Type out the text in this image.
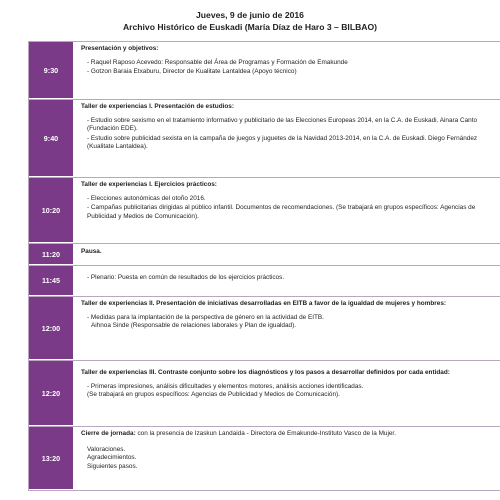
Jueves, 9 de junio de 2016
Archivo Histórico de Euskadi (María Díaz de Haro 3 – BILBAO)
9:30
Presentación y objetivos:
- Raquel Raposo Acevedo: Responsable del Área de Programas y Formación de Emakunde
- Gotzon Baraia Etxaburu, Director de Kualitate Lantaldea (Apoyo técnico)
9:40
Taller de experiencias I. Presentación de estudios:
- Estudio sobre sexismo en el tratamiento informativo y publicitario de las Elecciones Europeas 2014, en la C.A. de Euskadi. Ainara Canto (Fundación EDE).
- Estudio sobre publicidad sexista en la campaña de juegos y juguetes de la Navidad 2013-2014, en la C.A. de Euskadi. Diego Fernández (Kualitate Lantaldea).
10:20
Taller de experiencias I. Ejercicios prácticos:
- Elecciones autonómicas del otoño 2016.
- Campañas publicitarias dirigidas al público infantil. Documentos de recomendaciones. (Se trabajará en grupos específicos: Agencias de Publicidad y Medios de Comunicación).
11:20	Pausa.
11:45	- Plenario: Puesta en común de resultados de los ejercicios prácticos.
12:00
Taller de experiencias II. Presentación de iniciativas desarrolladas en EITB a favor de la igualdad de mujeres y hombres:
- Medidas para la implantación de la perspectiva de género en la actividad de EITB.
Aihnoa Sinde (Responsable de relaciones laborales y Plan de igualdad).
12:20
Taller de experiencias III. Contraste conjunto sobre los diagnósticos y los pasos a desarrollar definidos por cada entidad:
- Primeras impresiones, análisis dificultades y elementos motores, análisis acciones identificadas.
(Se trabajará en grupos específicos: Agencias de Publicidad y Medios de Comunicación).
13:20
Cierre de jornada: con la presencia de Izaskun Landaida - Directora de Emakunde-Instituto Vasco de la Mujer.
Valoraciones.
Agradecimientos.
Siguientes pasos.
